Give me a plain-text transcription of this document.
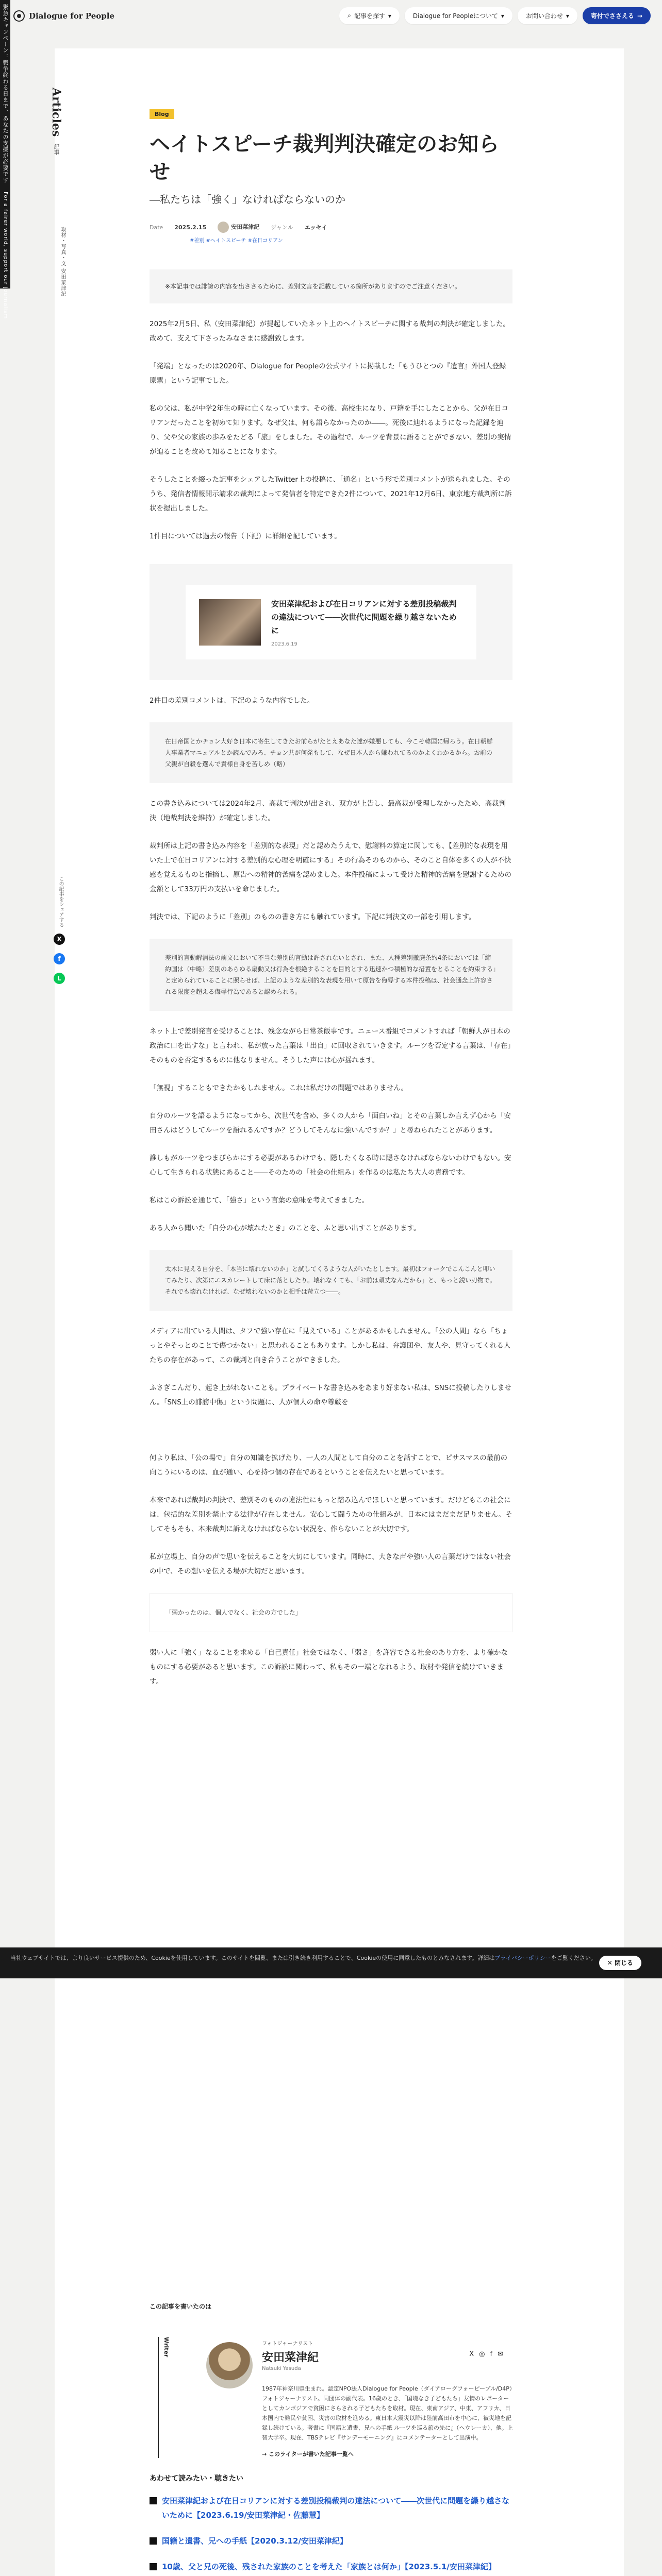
緊急キャンペーン：戦争終わる日まで、あなたの支援が必要です
For a fairer world, support our journalism
Dialogue for People	⌕ 記事を探す ▾	Dialogue for Peopleについて ▾	お問い合わせ ▾	寄付でささえる →
Articles 記事
取材・写真・文 安田菜津紀
この記事をシェアする
X
f
L
Blog
ヘイトスピーチ裁判判決確定のお知らせ
―私たちは「強く」なければならないのか
Date 2025.2.15	安田菜津紀 ジャンル エッセイ
#差別 #ヘイトスピーチ #在日コリアン
※本記事では誹謗の内容を出ささるために、差別文言を記載している箇所がありますのでご注意ください。

2025年2月5日、私（安田菜津紀）が提起していたネット上のヘイトスピーチに関する裁判の判決が確定しました。改めて、支えて下さったみなさまに感謝致します。

「発端」となったのは2020年、Dialogue for Peopleの公式サイトに掲載した「もうひとつの『遺言』外国人登録原票」という記事でした。

私の父は、私が中学2年生の時に亡くなっています。その後、高校生になり、戸籍を手にしたことから、父が在日コリアンだったことを初めて知ります。なぜ父は、何も語らなかったのか――。死後に辿れるようになった記録を辿り、父や父の家族の歩みをたどる「旅」をしました。その過程で、ルーツを背景に語ることができない、差別の実情が迫ることを改めて知ることになります。

そうしたことを綴った記事をシェアしたTwitter上の投稿に、「通名」という形で差別コメントが送られました。そのうち、発信者情報開示請求の裁判によって発信者を特定できた2件について、2021年12月6日、東京地方裁判所に訴状を提出しました。

1件目については過去の報告（下記）に詳細を記しています。

安田菜津紀および在日コリアンに対する差別投稿裁判の違法について――次世代に問題を繰り越さないために
2023.6.19

2件目の差別コメントは、下記のような内容でした。

在日帝国とかチョン大好き日本に寄生してきたお前らがたとえあなた達が嫌悪しても、今こそ韓国に帰ろう。在日朝鮮人事業者マニュアルとか読んでみろ、チョン共が何発もして、なぜ日本人から嫌われてるのかよくわかるから。お前の父親が自殺を選んで貴様自身を苦しめ（略）

この書き込みについては2024年2月、高裁で判決が出され、双方が上告し、最高裁が受理しなかったため、高裁判決（地裁判決を維持）が確定しました。

裁判所は上記の書き込み内容を「差別的な表現」だと認めたうえで、慰謝料の算定に関しても、【差別的な表現を用いた上で在日コリアンに対する差別的な心理を明確にする」その行為そのものから、そのこと自体を多くの人が不快感を覚えるものと指摘し、原告への精神的苦痛を認めました。本件投稿によって受けた精神的苦痛を慰謝するための金額として33万円の支払いを命じました。

判決では、下記のように「差別」のものの書き方にも触れています。下記に判決文の一部を引用します。

差別的言動解消法の前文において不当な差別的言動は許されないとされ、また、人種差別撤廃条約4条においては「締約国は（中略）差別のあらゆる扇動又は行為を根絶することを目的とする迅速かつ積極的な措置をとることを約束する」と定められていることに照らせば、上記のような差別的な表現を用いて原告を侮辱する本件投稿は、社会通念上許容される限度を超える侮辱行為であると認められる。

ネット上で差別発言を受けることは、残念ながら日常茶飯事です。ニュース番組でコメントすれば「朝鮮人が日本の政治に口を出すな」と言われ、私が放った言葉は「出自」に回収されていきます。ルーツを否定する言葉は、「存在」そのものを否定するものに他なりません。そうした声には心が揺れます。

「無視」することもできたかもしれません。これは私だけの問題ではありません。

自分のルーツを語るようになってから、次世代を含め、多くの人から「面白いね」とその言葉しか言えず心から「安田さんはどうしてルーツを語れるんですか？どうしてそんなに強いんですか？」と尋ねられたことがあります。

誰しもがルーツをつまびらかにする必要があるわけでも、隠したくなる時に隠さなければならないわけでもない。安心して生きられる状態にあること――そのための「社会の仕組み」を作るのは私たち大人の責務です。

私はこの訴訟を通じて、「強さ」という言葉の意味を考えてきました。

ある人から聞いた「自分の心が壊れたとき」のことを、ふと思い出すことがあります。

太木に見える自分を、「本当に壊れないのか」と試してくるような人がいたとします。最初はフォークでこんこんと叩いてみたり、次第にエスカレートして床に落としたり。壊れなくても、「お前は頑丈なんだから」と、もっと鋭い刃物で。それでも壊れなければ、なぜ壊れないのかと相手は苛立つ――。

メディアに出ている人間は、タフで強い存在に「見えている」ことがあるかもしれません。「公の人間」なら「ちょっとやそっとのことで傷つかない」と思われることもあります。しかし私は、弁護団や、友人や、見守ってくれる人たちの存在があって、この裁判と向き合うことができました。

ふさぎこんだり、起き上がれないことも。プライベートな書き込みをあまり好まない私は、SNSに投稿したりしません。「SNS上の誹謗中傷」という問題に、人が個人の命や尊厳を

何より私は、「公の場で」自分の知識を拡げたり、一人の人間として自分のことを話すことで、ピサスマスの最前の向こうにいるのは、血が通い、心を持つ個の存在であるということを伝えたいと思っています。

本来であれば裁判の判決で、差別そのものの違法性にもっと踏み込んでほしいと思っています。だけどもこの社会には、包括的な差別を禁止する法律が存在しません。安心して闘うための仕組みが、日本にはまだまだ足りません。そしてそもそも、本来裁判に訴えなければならない状況を、作らないことが大切です。

私が立場上、自分の声で思いを伝えることを大切にしています。同時に、大きな声や強い人の言葉だけではない社会の中で、その想いを伝える場が大切だと思います。

「弱かったのは、個人でなく、社会の方でした」

弱い人に「強く」なることを求める「自己責任」社会ではなく、「弱さ」を許容できる社会のあり方を、より確かなものにする必要があると思います。この訴訟に関わって、私もその一端となれるよう、取材や発信を続けていきます。

当社ウェブサイトでは、より良いサービス提供のため、Cookieを使用しています。このサイトを閲覧、または引き続き利用することで、Cookieの使用に同意したものとみなされます。詳細はプライバシーポリシーをご覧ください。
✕ 閉じる
この記事を書いたのは
Writer	フォトジャーナリスト
安田菜津紀
Natsuki Yasuda
X ◎ f ✉
1987年神奈川県生まれ。認定NPO法人Dialogue for People（ダイアローグフォーピープル/D4P）フォトジャーナリスト。同団体の副代表。16歳のとき、「国境なき子どもたち」友情のレポーターとしてカンボジアで貧困にさらされる子どもたちを取材。現在、東南アジア、中東、アフリカ、日本国内で難民や貧困、災害の取材を進める。東日本大震災以降は陸前高田市を中心に、被災地を記録し続けている。著書に『国籍と遺書、兄への手紙 ルーツを巡る旅の先に』（ヘウレーカ）、他。上智大学卒。現在、TBSテレビ『サンデーモーニング』にコメンテーターとして出演中。
→ このライターが書いた記事一覧へ
あわせて読みたい・聴きたい
安田菜津紀および在日コリアンに対する差別投稿裁判の違法について――次世代に問題を繰り越さないために【2023.6.19/安田菜津紀・佐藤慧】
国籍と遺書、兄への手紙【2020.3.12/安田菜津紀】
10歳、父と兄の死後、残された家族のことを考えた「家族とは何か」【2023.5.1/安田菜津紀】
